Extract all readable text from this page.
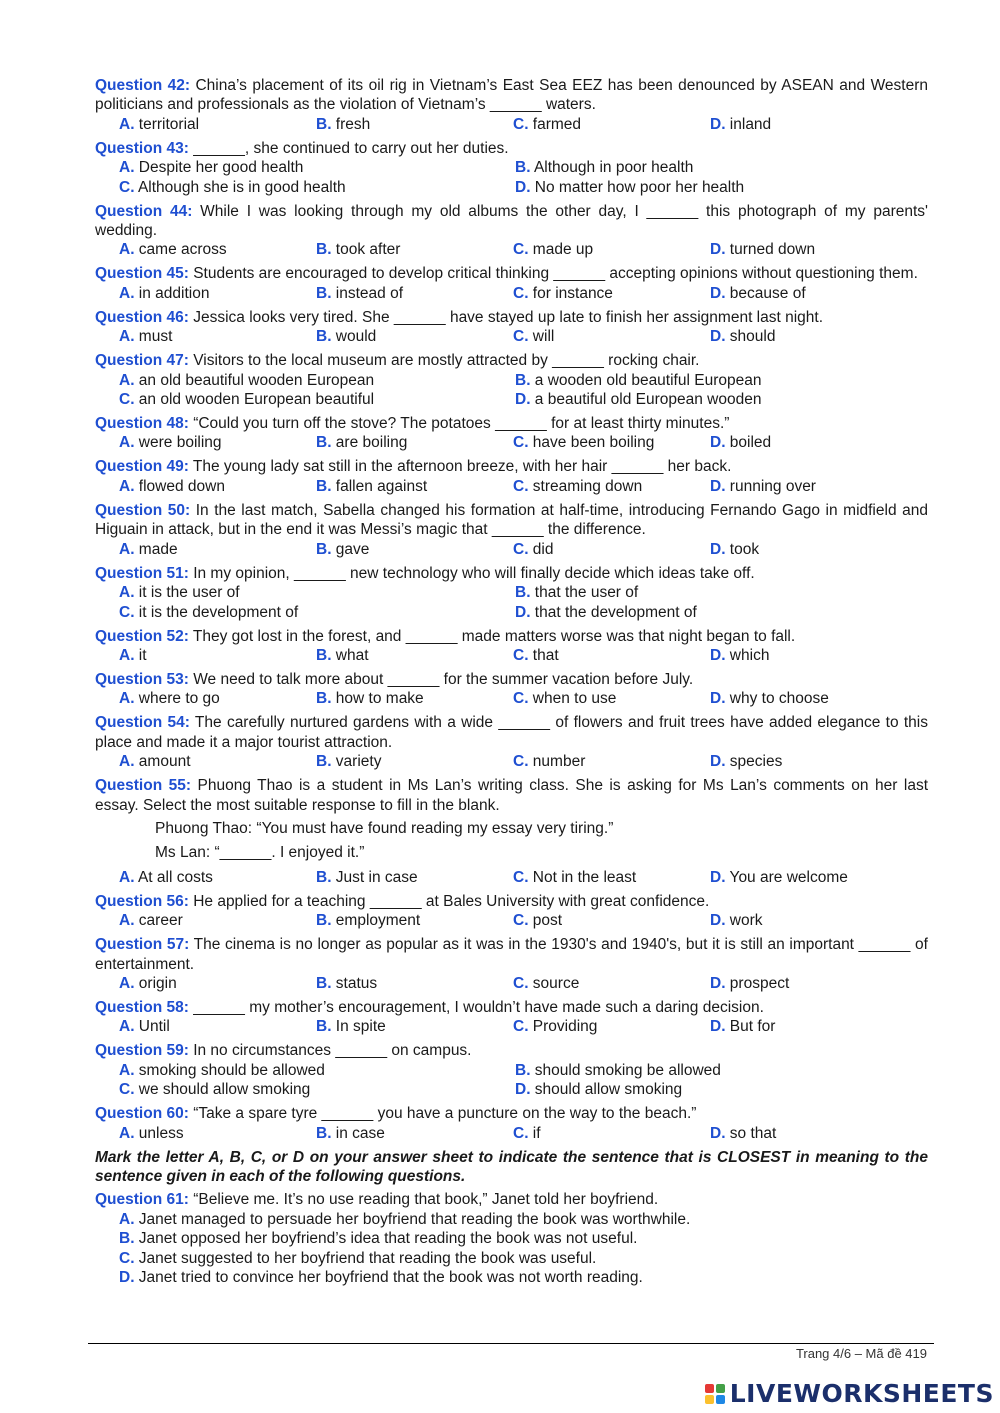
Question 42: China’s placement of its oil rig in Vietnam’s East Sea EEZ has been denounced by ASEAN and Western politicians and professionals as the violation of Vietnam’s ______ waters.
A. territorial	B. fresh	C. farmed	D. inland
Question 43: ______, she continued to carry out her duties.
A. Despite her good health	B. Although in poor health
C. Although she is in good health	D. No matter how poor her health
Question 44: While I was looking through my old albums the other day, I ______ this photograph of my parents' wedding.
A. came across	B. took after	C. made up	D. turned down
Question 45: Students are encouraged to develop critical thinking ______ accepting opinions without questioning them.
A. in addition	B. instead of	C. for instance	D. because of
Question 46: Jessica looks very tired. She ______ have stayed up late to finish her assignment last night.
A. must	B. would	C. will	D. should
Question 47: Visitors to the local museum are mostly attracted by ______ rocking chair.
A. an old beautiful wooden European	B. a wooden old beautiful European
C. an old wooden European beautiful	D. a beautiful old European wooden
Question 48: “Could you turn off the stove? The potatoes ______ for at least thirty minutes.”
A. were boiling	B. are boiling	C. have been boiling	D. boiled
Question 49: The young lady sat still in the afternoon breeze, with her hair ______ her back.
A. flowed down	B. fallen against	C. streaming down	D. running over
Question 50: In the last match, Sabella changed his formation at half-time, introducing Fernando Gago in midfield and Higuain in attack, but in the end it was Messi’s magic that ______ the difference.
A. made	B. gave	C. did	D. took
Question 51: In my opinion, ______ new technology who will finally decide which ideas take off.
A. it is the user of	B. that the user of
C. it is the development of	D. that the development of
Question 52: They got lost in the forest, and ______ made matters worse was that night began to fall.
A. it	B. what	C. that	D. which
Question 53: We need to talk more about ______ for the summer vacation before July.
A. where to go	B. how to make	C. when to use	D. why to choose
Question 54: The carefully nurtured gardens with a wide ______ of flowers and fruit trees have added elegance to this place and made it a major tourist attraction.
A. amount	B. variety	C. number	D. species
Question 55: Phuong Thao is a student in Ms Lan’s writing class. She is asking for Ms Lan’s comments on her last essay. Select the most suitable response to fill in the blank.
Phuong Thao: “You must have found reading my essay very tiring.”
Ms Lan: “______. I enjoyed it.”
A. At all costs	B. Just in case	C. Not in the least	D. You are welcome
Question 56: He applied for a teaching ______ at Bales University with great confidence.
A. career	B. employment	C. post	D. work
Question 57: The cinema is no longer as popular as it was in the 1930's and 1940's, but it is still an important ______ of entertainment.
A. origin	B. status	C. source	D. prospect
Question 58: ______ my mother’s encouragement, I wouldn’t have made such a daring decision.
A. Until	B. In spite	C. Providing	D. But for
Question 59: In no circumstances ______ on campus.
A. smoking should be allowed	B. should smoking be allowed
C. we should allow smoking	D. should allow smoking
Question 60: “Take a spare tyre ______ you have a puncture on the way to the beach.”
A. unless	B. in case	C. if	D. so that
Mark the letter A, B, C, or D on your answer sheet to indicate the sentence that is CLOSEST in meaning to the sentence given in each of the following questions.
Question 61: “Believe me. It’s no use reading that book,” Janet told her boyfriend.
A. Janet managed to persuade her boyfriend that reading the book was worthwhile.
B. Janet opposed her boyfriend’s idea that reading the book was not useful.
C. Janet suggested to her boyfriend that reading the book was useful.
D. Janet tried to convince her boyfriend that the book was not worth reading.
Trang 4/6 – Mã đề 419
LIVEWORKSHEETS
